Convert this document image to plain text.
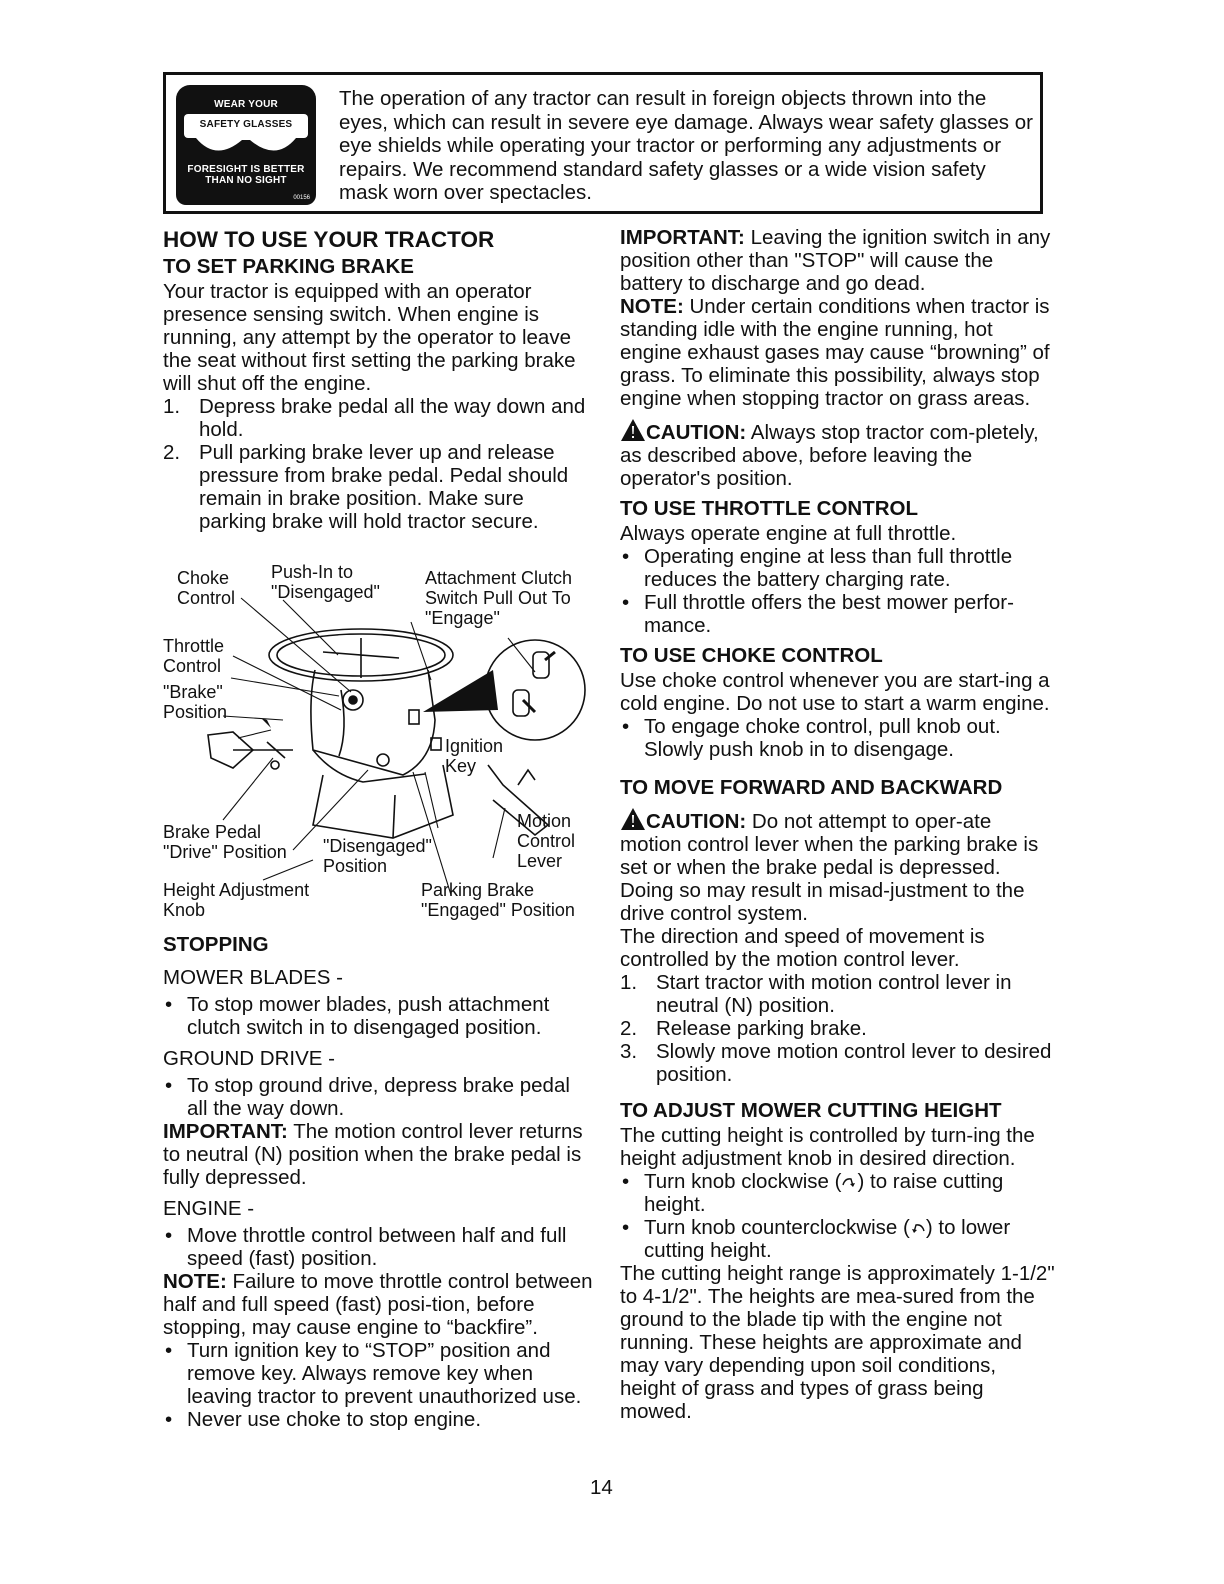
WEAR YOUR
SAFETY GLASSES
FORESIGHT IS BETTER
THAN NO SIGHT
00156

The operation of any tractor can result in foreign objects thrown into the eyes, which can result in severe eye damage. Always wear safety glasses or eye shields while operating your tractor or performing any adjustments or repairs. We recommend standard safety glasses or a wide vision safety mask worn over spectacles.

HOW TO USE YOUR TRACTOR
TO SET PARKING BRAKE

Your tractor is equipped with an operator presence sensing switch. When engine is running, any attempt by the operator to leave the seat without first setting the parking brake will shut off the engine.

1. Depress brake pedal all the way down and hold.
2. Pull parking brake lever up and release pressure from brake pedal. Pedal should remain in brake position. Make sure parking brake will hold tractor secure.
Choke
Control
Push-In to
"Disengaged"
Attachment Clutch
Switch Pull Out To
"Engage"
Throttle
Control
"Brake"
Position
Ignition
Key
Motion
Control
Lever
Brake Pedal
"Drive" Position "Disengaged"
Position
Height Adjustment
Knob
Parking Brake
"Engaged" Position
STOPPING
MOWER BLADES -
• To stop mower blades, push attachment clutch switch in to disengaged position.
GROUND DRIVE -
• To stop ground drive, depress brake pedal all the way down.

IMPORTANT: The motion control lever returns to neutral (N) position when the brake pedal is fully depressed.

ENGINE -
• Move throttle control between half and full speed (fast) position.

NOTE: Failure to move throttle control between half and full speed (fast) posi-tion, before stopping, may cause engine to “backfire”.

• Turn ignition key to “STOP” position and remove key. Always remove key when leaving tractor to prevent unauthorized use.
• Never use choke to stop engine.

IMPORTANT: Leaving the ignition switch in any position other than "STOP" will cause the battery to discharge and go dead.

NOTE: Under certain conditions when tractor is standing idle with the engine running, hot engine exhaust gases may cause “browning” of grass. To eliminate this possibility, always stop engine when stopping tractor on grass areas.

CAUTION: Always stop tractor com-pletely, as described above, before leaving the operator's position.

TO USE THROTTLE CONTROL

Always operate engine at full throttle.

• Operating engine at less than full throttle reduces the battery charging rate.
• Full throttle offers the best mower perfor-mance.
TO USE CHOKE CONTROL

Use choke control whenever you are start-ing a cold engine. Do not use to start a warm engine.

• To engage choke control, pull knob out. Slowly push knob in to disengage.
TO MOVE FORWARD AND BACKWARD

CAUTION: Do not attempt to oper-ate motion control lever when the parking brake is set or when the brake pedal is depressed. Doing so may result in misad-justment to the drive control system.

The direction and speed of movement is controlled by the motion control lever.

1. Start tractor with motion control lever in neutral (N) position.
2. Release parking brake.
3. Slowly move motion control lever to desired position.
TO ADJUST MOWER CUTTING HEIGHT

The cutting height is controlled by turn-ing the height adjustment knob in desired direction.

• Turn knob clockwise ( ) to raise cutting height.
• Turn knob counterclockwise ( ) to lower cutting height.

The cutting height range is approximately 1-1/2" to 4-1/2". The heights are mea-sured from the ground to the blade tip with the engine not running. These heights are approximate and may vary depending upon soil conditions, height of grass and types of grass being mowed.

14
